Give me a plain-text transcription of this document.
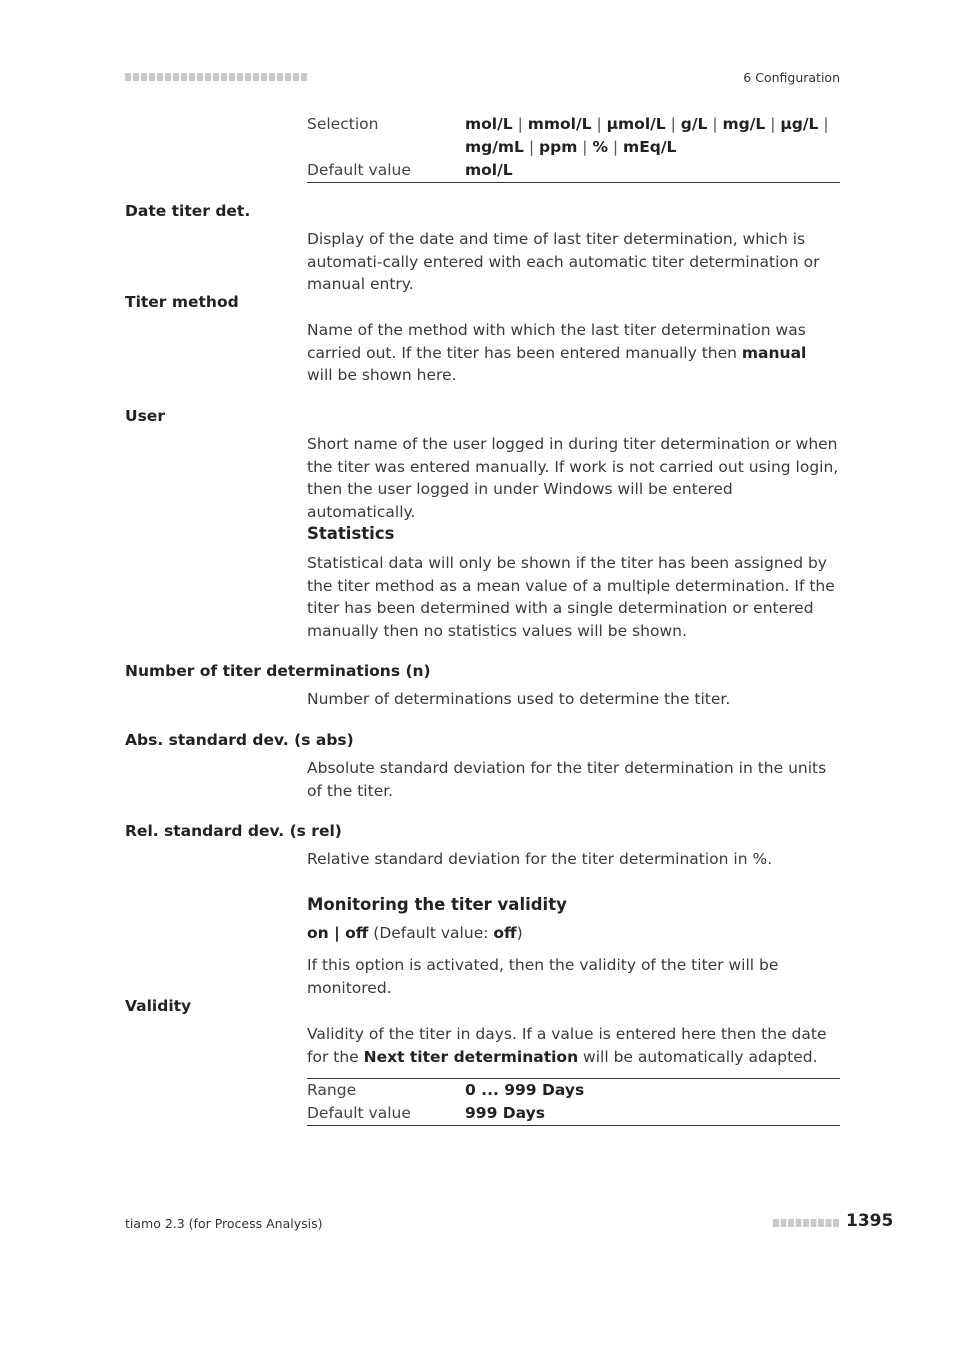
6 Configuration
Selection	mol/L | mmol/L | µmol/L | g/L | mg/L | µg/L | mg/mL | ppm | % | mEq/L
Default value	mol/L
Date titer det.
Display of the date and time of last titer determination, which is automati-cally entered with each automatic titer determination or manual entry.
Titer method
Name of the method with which the last titer determination was carried out. If the titer has been entered manually then manual will be shown here.
User
Short name of the user logged in during titer determination or when the titer was entered manually. If work is not carried out using login, then the user logged in under Windows will be entered automatically.
Statistics
Statistical data will only be shown if the titer has been assigned by the titer method as a mean value of a multiple determination. If the titer has been determined with a single determination or entered manually then no statistics values will be shown.
Number of titer determinations (n)
Number of determinations used to determine the titer.
Abs. standard dev. (s abs)
Absolute standard deviation for the titer determination in the units of the titer.
Rel. standard dev. (s rel)
Relative standard deviation for the titer determination in %.
Monitoring the titer validity
on | off (Default value: off)
If this option is activated, then the validity of the titer will be monitored.
Validity
Validity of the titer in days. If a value is entered here then the date for the Next titer determination will be automatically adapted.
Range	0 ... 999 Days
Default value	999 Days
tiamo 2.3 (for Process Analysis)	1395
